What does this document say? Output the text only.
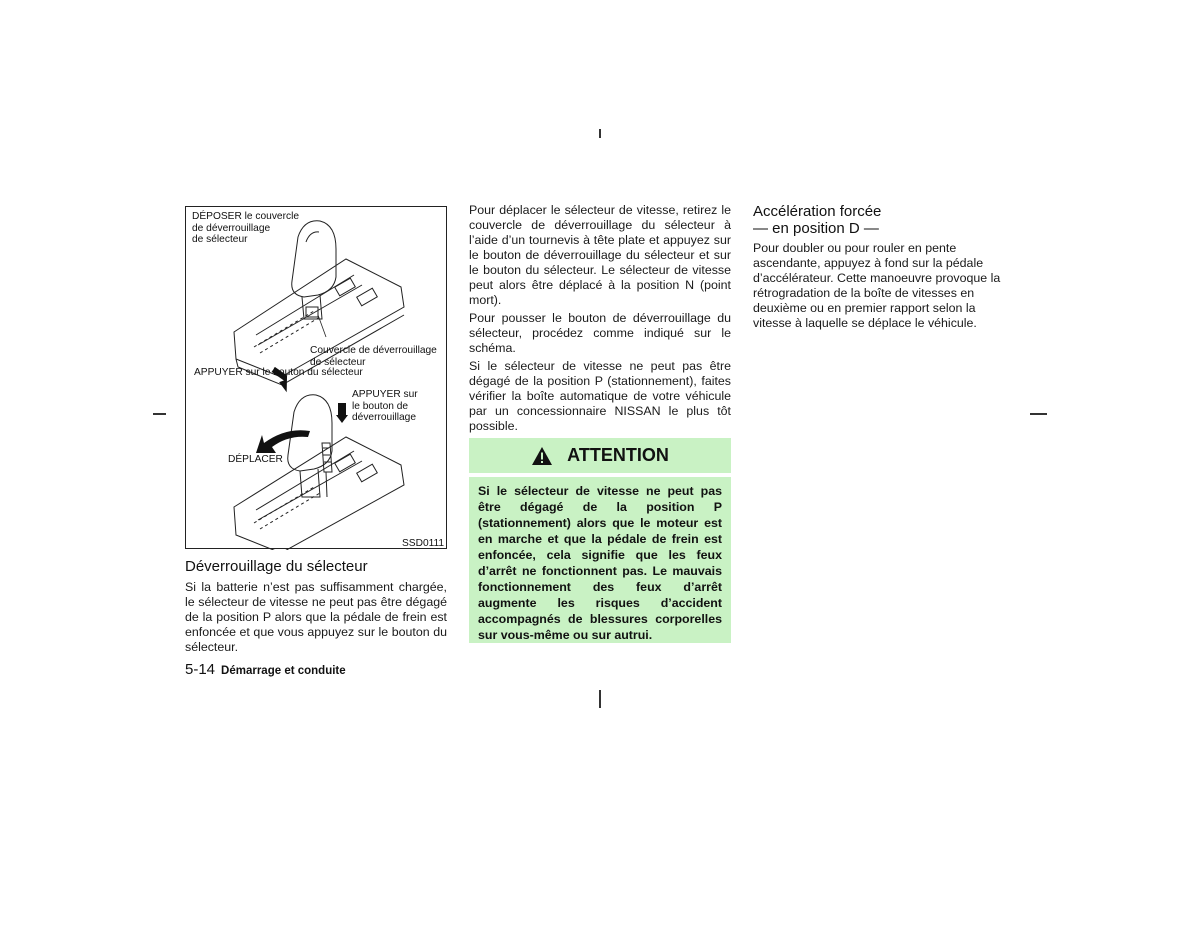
DÉPOSER le couvercle
de déverrouillage
de sélecteur
Couvercle de déverrouillage
de sélecteur
APPUYER sur le bouton du sélecteur
APPUYER sur
le bouton de
déverrouillage
DÉPLACER
SSD0111
Déverrouillage du sélecteur

Si la batterie n’est pas suffisamment chargée, le sélecteur de vitesse ne peut pas être dégagé de la position P alors que la pédale de frein est enfoncée et que vous appuyez sur le bouton du sélecteur.

Pour déplacer le sélecteur de vitesse, retirez le couvercle de déverrouillage du sélecteur à l’aide d’un tournevis à tête plate et appuyez sur le bouton de déverrouillage du sélecteur et sur le bouton du sélecteur. Le sélecteur de vitesse peut alors être déplacé à la position N (point mort).

Pour pousser le bouton de déverrouillage du sélecteur, procédez comme indiqué sur le schéma.

Si le sélecteur de vitesse ne peut pas être dégagé de la position P (stationnement), faites vérifier la boîte automatique de votre véhicule par un concessionnaire NISSAN le plus tôt possible.

ATTENTION
Si le sélecteur de vitesse ne peut pas être dégagé de la position P (stationnement) alors que le moteur est en marche et que la pédale de frein est enfoncée, cela signifie que les feux d’arrêt ne fonctionnent pas. Le mauvais fonctionnement des feux d’arrêt augmente les risques d’accident accompagnés de blessures corporelles sur vous-même ou sur autrui.
Accélération forcée
— en position D —

Pour doubler ou pour rouler en pente ascendante, appuyez à fond sur la pédale d’accélérateur. Cette manoeuvre provoque la rétrogradation de la boîte de vitesses en deuxième ou en premier rapport selon la vitesse à laquelle se déplace le véhicule.

5-14 Démarrage et conduite
